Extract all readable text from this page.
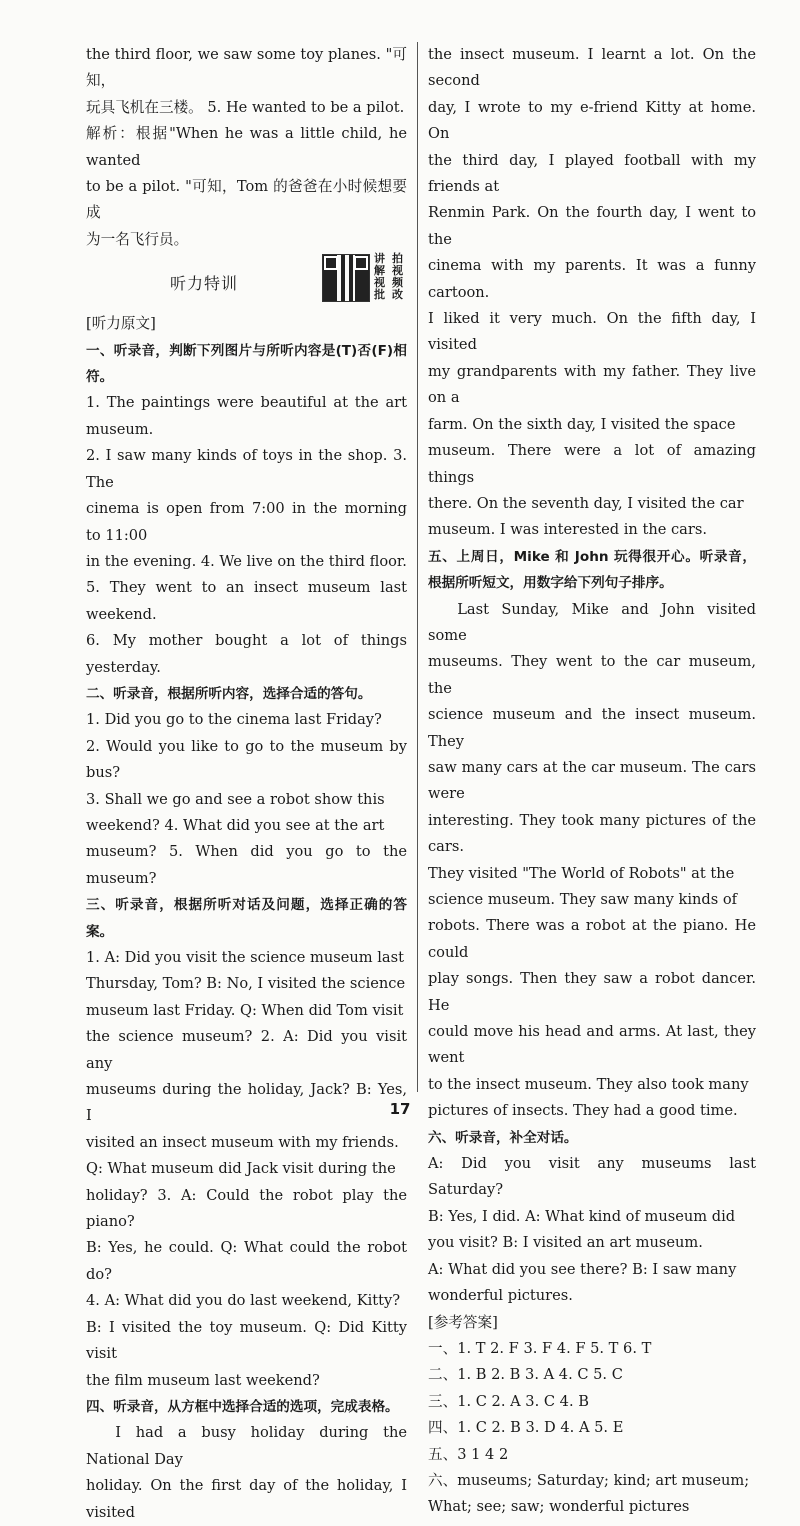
the third floor, we saw some toy planes. "可知，

玩具飞机在三楼。 5. He wanted to be a pilot.

解析：根据"When he was a little child, he wanted

to be a pilot. "可知，Tom 的爸爸在小时候想要成

为一名飞行员。

听力特训
讲 拍
解 视
视 频
批 改

[听力原文]

一、听录音，判断下列图片与所听内容是(T)否(F)相符。

1. The paintings were beautiful at the art museum.

2. I saw many kinds of toys in the shop. 3. The

cinema is open from 7:00 in the morning to 11:00

in the evening. 4. We live on the third floor.

5. They went to an insect museum last weekend.

6. My mother bought a lot of things yesterday.

二、听录音，根据所听内容，选择合适的答句。

1. Did you go to the cinema last Friday?

2. Would you like to go to the museum by bus?

3. Shall we go and see a robot show this

weekend? 4. What did you see at the art

museum? 5. When did you go to the museum?

三、听录音，根据所听对话及问题，选择正确的答案。

1. A: Did you visit the science museum last

Thursday, Tom? B: No, I visited the science

museum last Friday. Q: When did Tom visit

the science museum? 2. A: Did you visit any

museums during the holiday, Jack? B: Yes, I

visited an insect museum with my friends.

Q: What museum did Jack visit during the

holiday? 3. A: Could the robot play the piano?

B: Yes, he could. Q: What could the robot do?

4. A: What did you do last weekend, Kitty?

B: I visited the toy museum. Q: Did Kitty visit

the film museum last weekend?

四、听录音，从方框中选择合适的选项，完成表格。

I had a busy holiday during the National Day

holiday. On the first day of the holiday, I visited

the insect museum. I learnt a lot. On the second

day, I wrote to my e-friend Kitty at home. On

the third day, I played football with my friends at

Renmin Park. On the fourth day, I went to the

cinema with my parents. It was a funny cartoon.

I liked it very much. On the fifth day, I visited

my grandparents with my father. They live on a

farm. On the sixth day, I visited the space

museum. There were a lot of amazing things

there. On the seventh day, I visited the car

museum. I was interested in the cars.

五、上周日，Mike 和 John 玩得很开心。听录音，根据所听短文，用数字给下列句子排序。

Last Sunday, Mike and John visited some

museums. They went to the car museum, the

science museum and the insect museum. They

saw many cars at the car museum. The cars were

interesting. They took many pictures of the cars.

They visited "The World of Robots" at the

science museum. They saw many kinds of

robots. There was a robot at the piano. He could

play songs. Then they saw a robot dancer. He

could move his head and arms. At last, they went

to the insect museum. They also took many

pictures of insects. They had a good time.

六、听录音，补全对话。

A: Did you visit any museums last Saturday?

B: Yes, I did. A: What kind of museum did

you visit? B: I visited an art museum.

A: What did you see there? B: I saw many

wonderful pictures.

[参考答案]

一、1. T 2. F 3. F 4. F 5. T 6. T

二、1. B 2. B 3. A 4. C 5. C

三、1. C 2. A 3. C 4. B

四、1. C 2. B 3. D 4. A 5. E

五、3 1 4 2

六、museums; Saturday; kind; art museum;

What; see; saw; wonderful pictures

17
